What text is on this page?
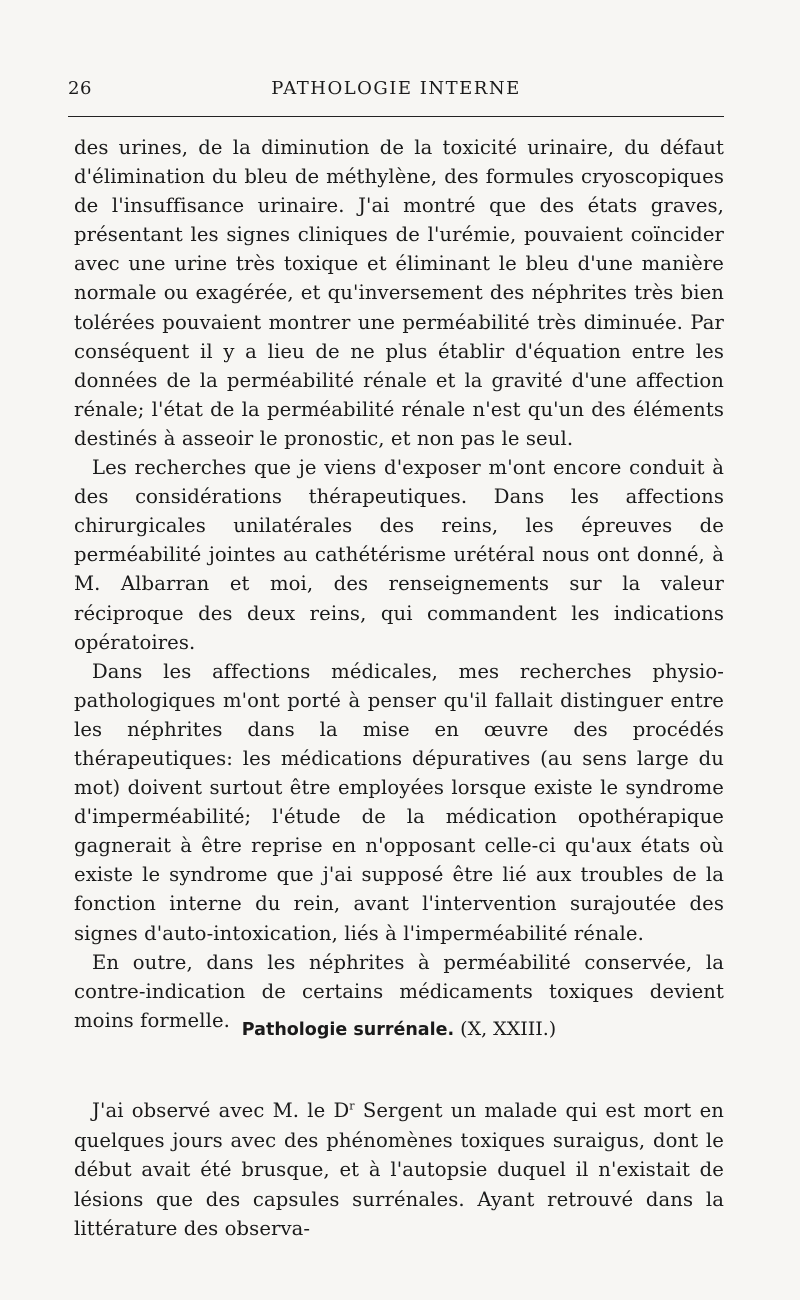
26	PATHOLOGIE INTERNE

des urines, de la diminution de la toxicité urinaire, du défaut d'élimination du bleu de méthylène, des formules cryoscopiques de l'insuffisance urinaire. J'ai montré que des états graves, présentant les signes cliniques de l'urémie, pouvaient coïncider avec une urine très toxique et éliminant le bleu d'une manière normale ou exagérée, et qu'inversement des néphrites très bien tolérées pouvaient montrer une perméabilité très diminuée. Par conséquent il y a lieu de ne plus établir d'équation entre les données de la perméabilité rénale et la gravité d'une affection rénale; l'état de la perméabilité rénale n'est qu'un des éléments destinés à asseoir le pronostic, et non pas le seul.

Les recherches que je viens d'exposer m'ont encore conduit à des considérations thérapeutiques. Dans les affections chirurgicales unilatérales des reins, les épreuves de perméabilité jointes au cathétérisme urétéral nous ont donné, à M. Albarran et moi, des renseignements sur la valeur réciproque des deux reins, qui commandent les indications opératoires.

Dans les affections médicales, mes recherches physio-pathologiques m'ont porté à penser qu'il fallait distinguer entre les néphrites dans la mise en œuvre des procédés thérapeutiques: les médications dépuratives (au sens large du mot) doivent surtout être employées lorsque existe le syndrome d'imperméabilité; l'étude de la médication opothérapique gagnerait à être reprise en n'opposant celle-ci qu'aux états où existe le syndrome que j'ai supposé être lié aux troubles de la fonction interne du rein, avant l'intervention surajoutée des signes d'auto-intoxication, liés à l'imperméabilité rénale.

En outre, dans les néphrites à perméabilité conservée, la contre-indication de certains médicaments toxiques devient moins formelle. Pathologie surrénale. (X, XXIII.)

J'ai observé avec M. le $D^r$ Sergent un malade qui est mort en quelques jours avec des phénomènes toxiques suraigus, dont le début avait été brusque, et à l'autopsie duquel il n'existait de lésions que des capsules surrénales. Ayant retrouvé dans la littérature des observa-
